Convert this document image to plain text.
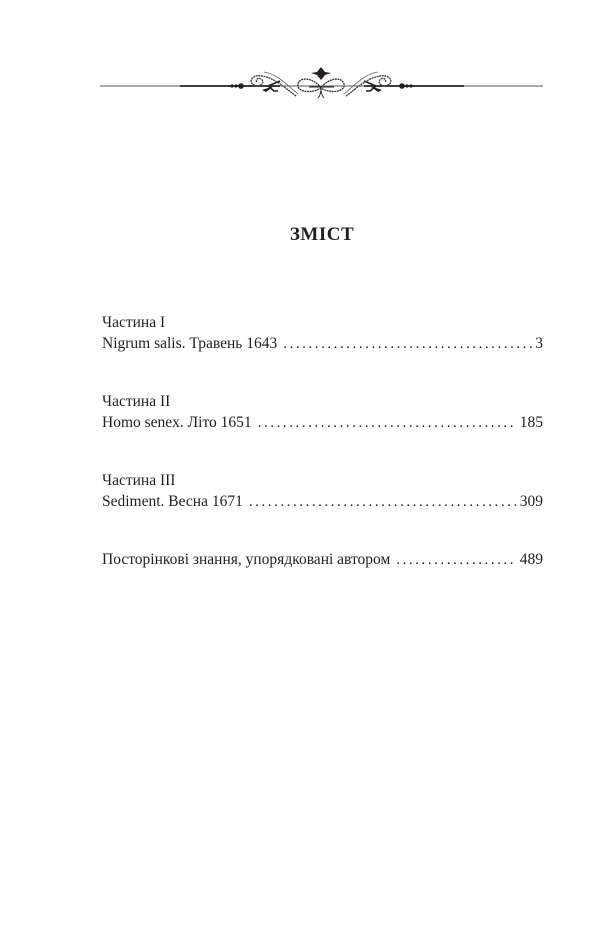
ЗМІСТ
Частина I
Nigrum salis. Травень 1643 . . .	3
Частина II
Homo senex. Літо 1651 . . .	185
Частина III
Sediment. Весна 1671 . . .	309
Посторінкові знання, упорядковані автором . . .	489
